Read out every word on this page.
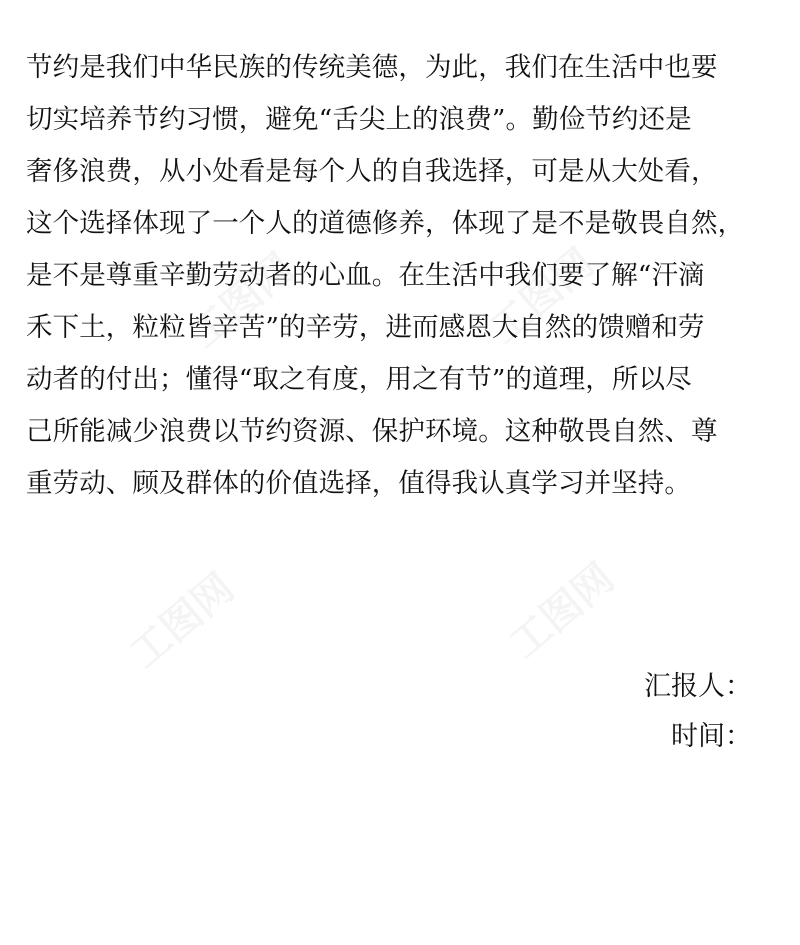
节约是我们中华民族的传统美德，为此，我们在生活中也要
切实培养节约习惯，避免“舌尖上的浪费”。勤俭节约还是
奢侈浪费，从小处看是每个人的自我选择，可是从大处看，
这个选择体现了一个人的道德修养，体现了是不是敬畏自然，
是不是尊重辛勤劳动者的心血。在生活中我们要了解“汗滴
禾下土，粒粒皆辛苦”的辛劳，进而感恩大自然的馈赠和劳
动者的付出；懂得“取之有度，用之有节”的道理，所以尽
己所能减少浪费以节约资源、保护环境。这种敬畏自然、尊
重劳动、顾及群体的价值选择，值得我认真学习并坚持。
汇报人：
时间：
